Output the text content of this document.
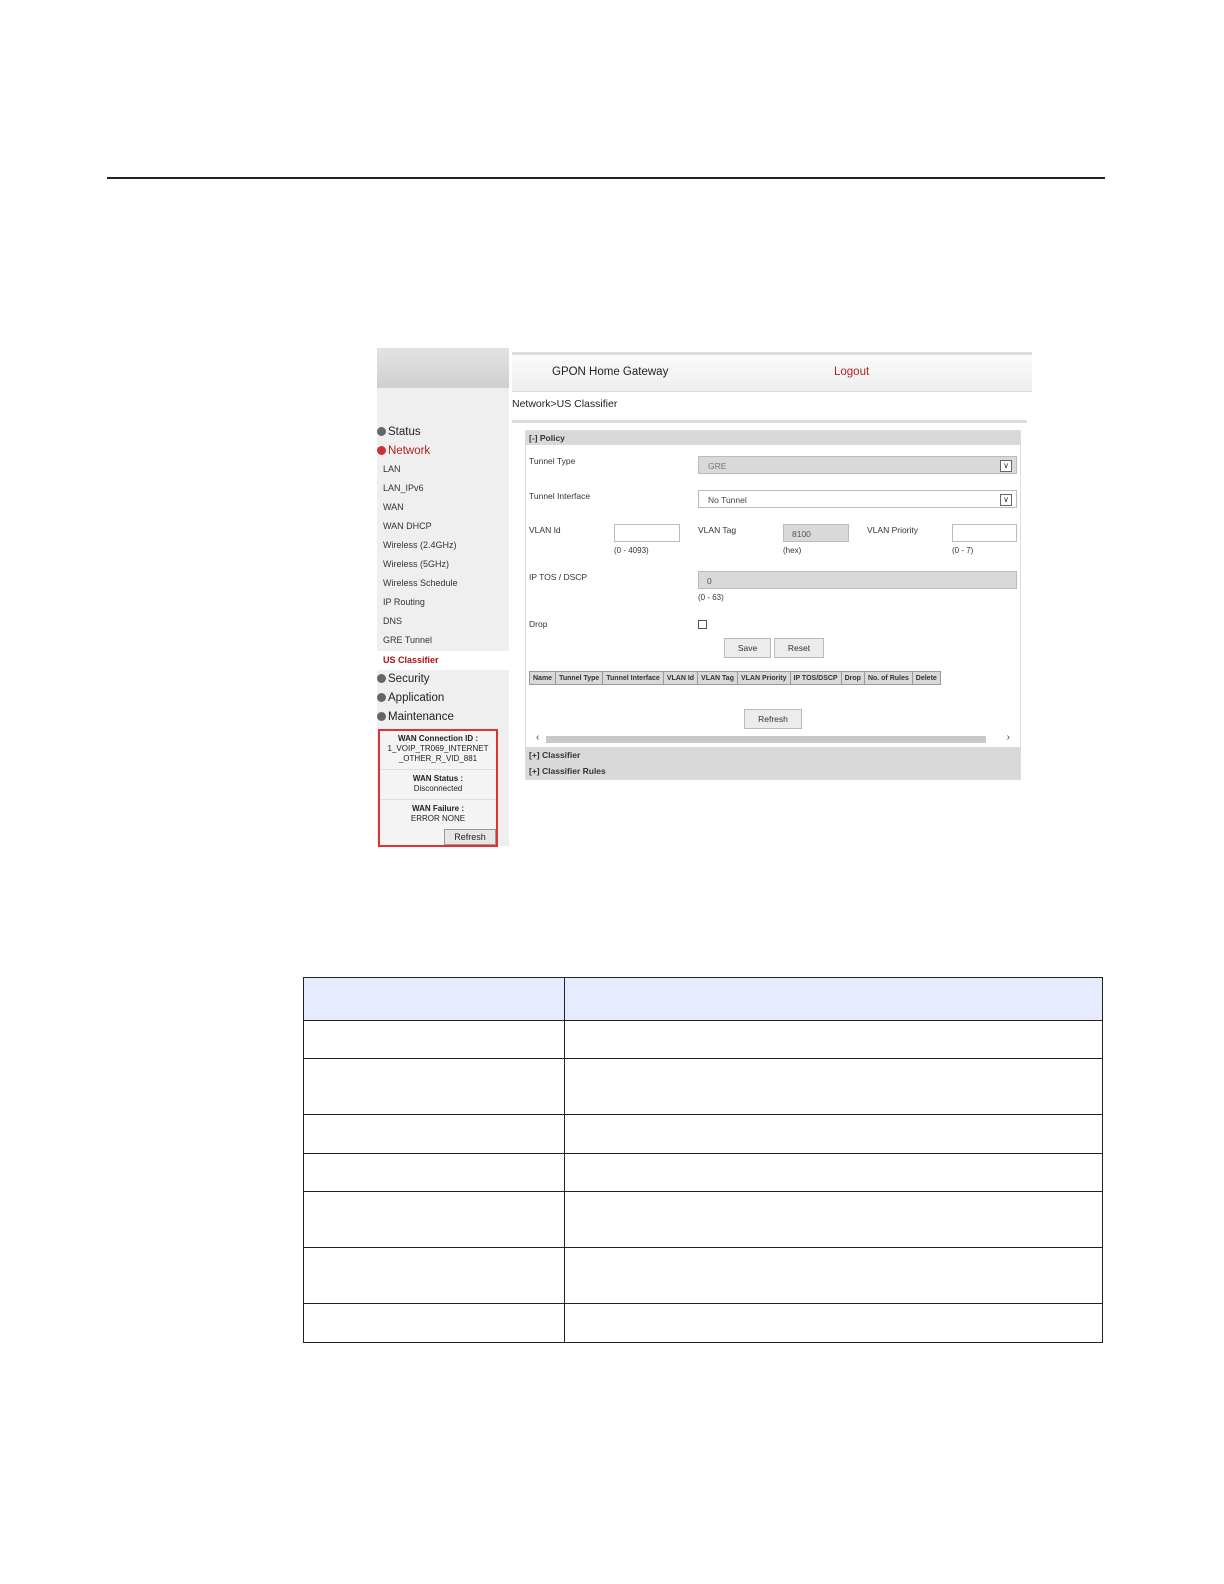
Status
Network
LAN
LAN_IPv6
WAN
WAN DHCP
Wireless (2.4GHz)
Wireless (5GHz)
Wireless Schedule
IP Routing
DNS
GRE Tunnel
US Classifier
Security
Application
Maintenance
WAN Connection ID :
1_VOIP_TR069_INTERNET
_OTHER_R_VID_881
WAN Status :
Disconnected
WAN Failure :
ERROR NONE
Refresh
GPON Home Gateway	Logout
Network>US Classifier
[-] Policy
Tunnel Type	GRE	∨
Tunnel Interface	No Tunnel	∨
VLAN Id
(0 - 4093)
VLAN Tag	8100
(hex)
VLAN Priority
(0 - 7)
IP TOS / DSCP	0
(0 - 63)
Drop
Save	Reset
Name	Tunnel Type	Tunnel Interface	VLAN Id	VLAN Tag	VLAN Priority	IP TOS/DSCP	Drop	No. of Rules	Delete
Refresh
‹	›
[+] Classifier
[+] Classifier Rules
